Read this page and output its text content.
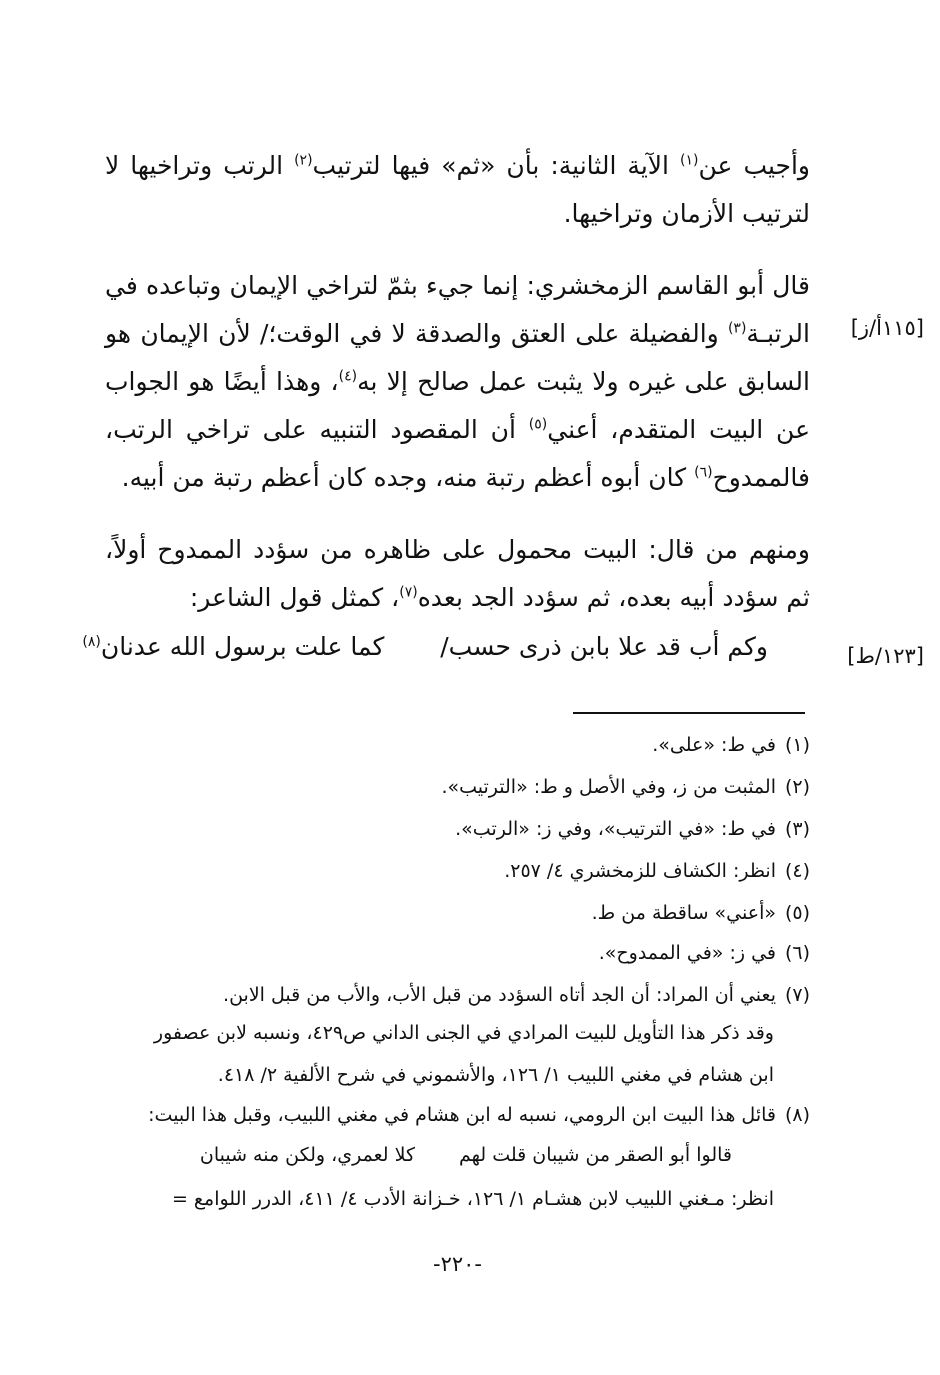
وأجيب عن$^{(١)}$ الآية الثانية: بأن «ثم» فيها لترتيب$^{(٢)}$ الرتب وتراخيها لا لترتيب الأزمان وتراخيها.

قال أبو القاسم الزمخشري: إنما جيء بثمّ لتراخي الإيمان وتباعده في الرتبـة$^{(٣)}$ والفضيلة على العتق والصدقة لا في الوقت؛/ لأن الإيمان هو السابق على غيره ولا يثبت عمل صالح إلا به$^{(٤)}$، وهذا أيضًا هو الجواب عن البيت المتقدم، أعني$^{(٥)}$ أن المقصود التنبيه على تراخي الرتب، فالممدوح$^{(٦)}$ كان أبوه أعظم رتبة منه، وجده كان أعظم رتبة من أبيه.

ومنهم من قال: البيت محمول على ظاهره من سؤدد الممدوح أولاً، ثم سؤدد أبيه بعده، ثم سؤدد الجد بعده$^{(٧)}$، كمثل قول الشاعر:

وكم أب قد علا بابن ذرى حسب/  كما علت برسول الله عدنان(٨)
[١١٥أ/ز]
[١٢٣/ط]
(١)في ط: «على».
(٢)المثبت من ز، وفي الأصل و ط: «الترتيب».
(٣)في ط: «في الترتيب»، وفي ز: «الرتب».
(٤)انظر: الكشاف للزمخشري ٤/ ٢٥٧.
(٥)«أعني» ساقطة من ط.
(٦)في ز: «في الممدوح».
(٧)يعني أن المراد: أن الجد أتاه السؤدد من قبل الأب، والأب من قبل الابن.
وقد ذكر هذا التأويل للبيت المرادي في الجنى الداني ص٤٢٩، ونسبه لابن عصفور
ابن هشام في مغني اللبيب ١/ ١٢٦، والأشموني في شرح الألفية ٢/ ٤١٨.
(٨)قائل هذا البيت ابن الرومي، نسبه له ابن هشام في مغني اللبيب، وقبل هذا البيت:
قالوا أبو الصقر من شيبان قلت لهم
كلا لعمري، ولكن منه شيبان
انظر: مـغني اللبيب لابن هشـام ١/ ١٢٦، خـزانة الأدب ٤/ ٤١١، الدرر اللوامع =
-٢٢٠-
